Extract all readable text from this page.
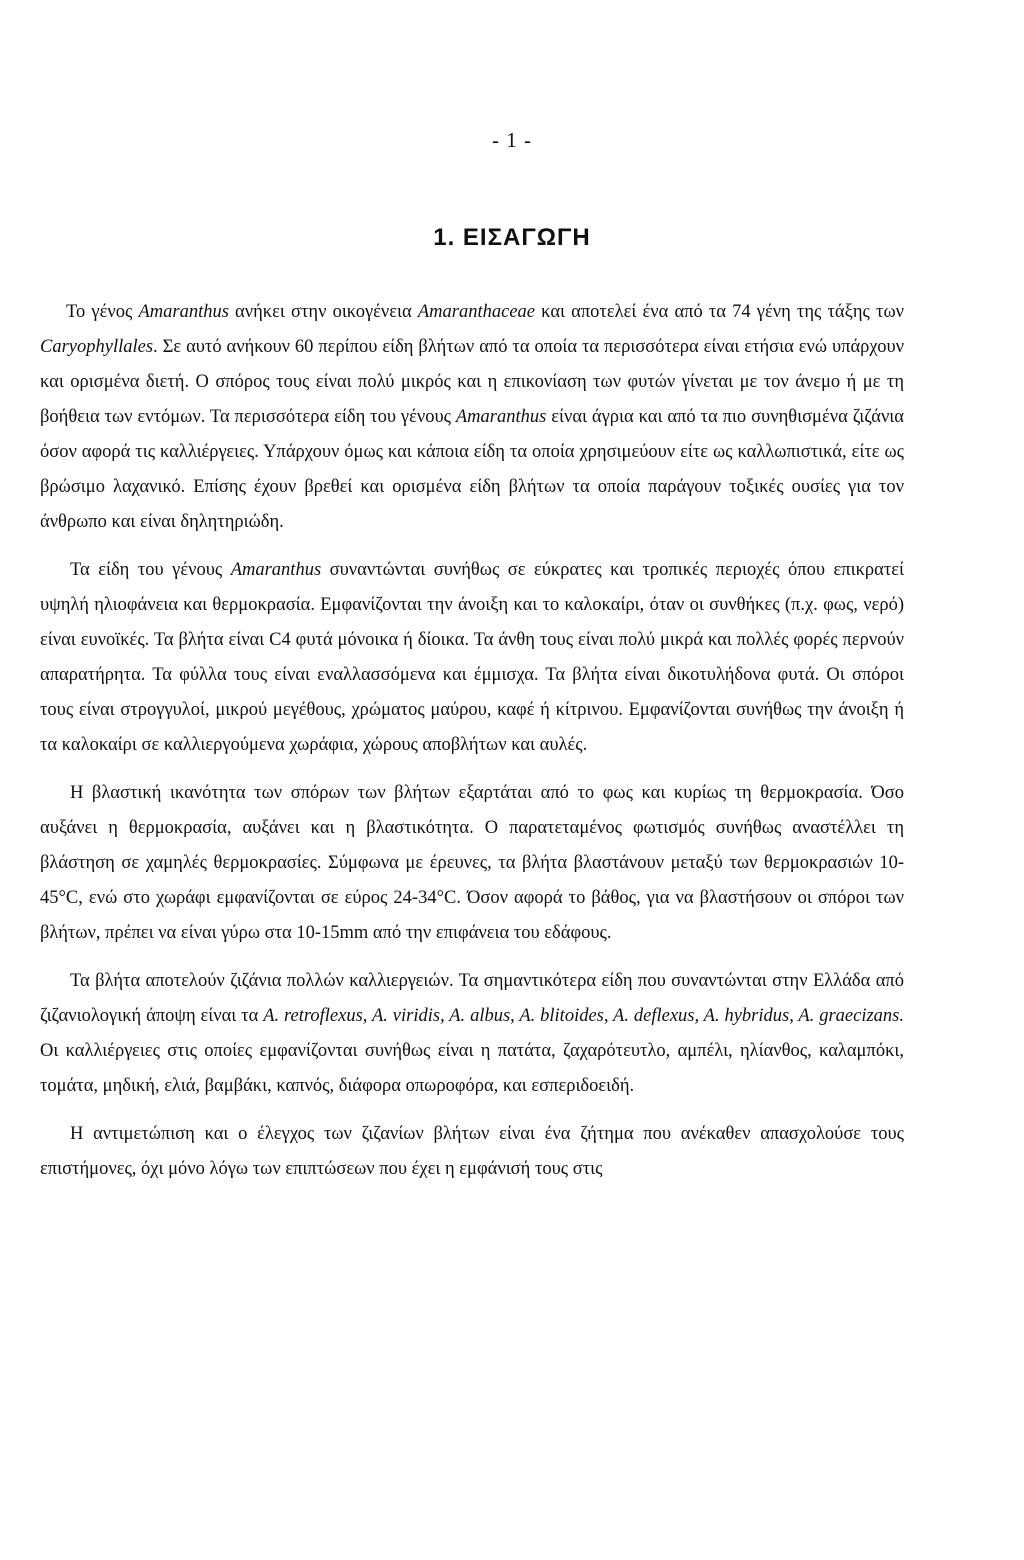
- 1 -
1. ΕΙΣΑΓΩΓΗ

Το γένος Amaranthus ανήκει στην οικογένεια Amaranthaceae και αποτελεί ένα από τα 74 γένη της τάξης των Caryophyllales. Σε αυτό ανήκουν 60 περίπου είδη βλήτων από τα οποία τα περισσότερα είναι ετήσια ενώ υπάρχουν και ορισμένα διετή. Ο σπόρος τους είναι πολύ μικρός και η επικονίαση των φυτών γίνεται με τον άνεμο ή με τη βοήθεια των εντόμων. Τα περισσότερα είδη του γένους Amaranthus είναι άγρια και από τα πιο συνηθισμένα ζιζάνια όσον αφορά τις καλλιέργειες. Υπάρχουν όμως και κάποια είδη τα οποία χρησιμεύουν είτε ως καλλωπιστικά, είτε ως βρώσιμο λαχανικό. Επίσης έχουν βρεθεί και ορισμένα είδη βλήτων τα οποία παράγουν τοξικές ουσίες για τον άνθρωπο και είναι δηλητηριώδη.

Τα είδη του γένους Amaranthus συναντώνται συνήθως σε εύκρατες και τροπικές περιοχές όπου επικρατεί υψηλή ηλιοφάνεια και θερμοκρασία. Εμφανίζονται την άνοιξη και το καλοκαίρι, όταν οι συνθήκες (π.χ. φως, νερό) είναι ευνοϊκές. Τα βλήτα είναι C4 φυτά μόνοικα ή δίοικα. Τα άνθη τους είναι πολύ μικρά και πολλές φορές περνούν απαρατήρητα. Τα φύλλα τους είναι εναλλασσόμενα και έμμισχα. Τα βλήτα είναι δικοτυλήδονα φυτά. Οι σπόροι τους είναι στρογγυλοί, μικρού μεγέθους, χρώματος μαύρου, καφέ ή κίτρινου. Εμφανίζονται συνήθως την άνοιξη ή τα καλοκαίρι σε καλλιεργούμενα χωράφια, χώρους αποβλήτων και αυλές.

Η βλαστική ικανότητα των σπόρων των βλήτων εξαρτάται από το φως και κυρίως τη θερμοκρασία. Όσο αυξάνει η θερμοκρασία, αυξάνει και η βλαστικότητα. Ο παρατεταμένος φωτισμός συνήθως αναστέλλει τη βλάστηση σε χαμηλές θερμοκρασίες. Σύμφωνα με έρευνες, τα βλήτα βλαστάνουν μεταξύ των θερμοκρασιών 10-45°C, ενώ στο χωράφι εμφανίζονται σε εύρος 24-34°C. Όσον αφορά το βάθος, για να βλαστήσουν οι σπόροι των βλήτων, πρέπει να είναι γύρω στα 10-15mm από την επιφάνεια του εδάφους.

Τα βλήτα αποτελούν ζιζάνια πολλών καλλιεργειών. Τα σημαντικότερα είδη που συναντώνται στην Ελλάδα από ζιζανιολογική άποψη είναι τα A. retroflexus, A. viridis, A. albus, A. blitoides, A. deflexus, A. hybridus, A. graecizans. Οι καλλιέργειες στις οποίες εμφανίζονται συνήθως είναι η πατάτα, ζαχαρότευτλο, αμπέλι, ηλίανθος, καλαμπόκι, τομάτα, μηδική, ελιά, βαμβάκι, καπνός, διάφορα οπωροφόρα, και εσπεριδοειδή.

Η αντιμετώπιση και ο έλεγχος των ζιζανίων βλήτων είναι ένα ζήτημα που ανέκαθεν απασχολούσε τους επιστήμονες, όχι μόνο λόγω των επιπτώσεων που έχει η εμφάνισή τους στις
